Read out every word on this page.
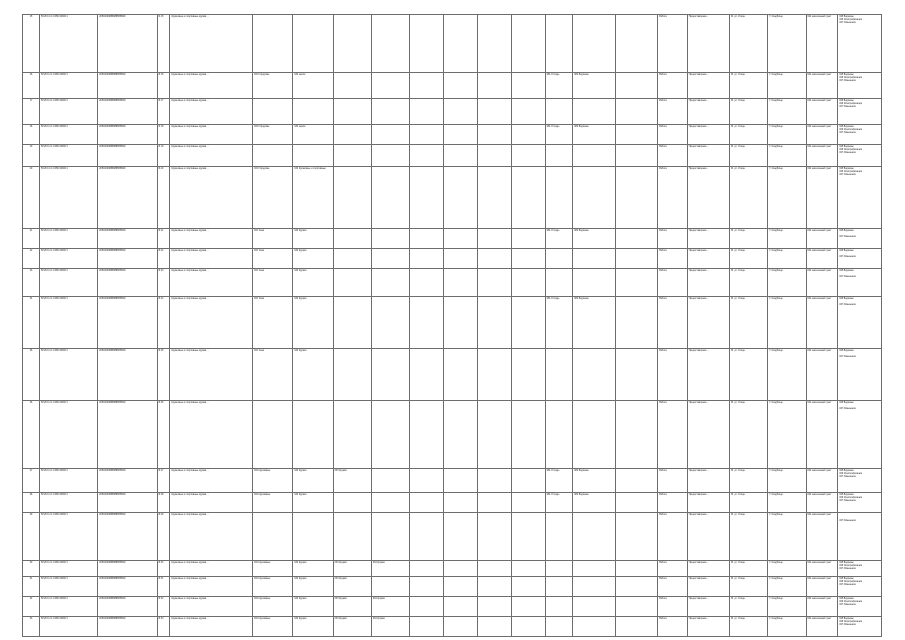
15	50:26:0.4 1:0:050 00000:1	2050103988888858583/9	Б.15	Кружковые и спортивные кружки,…												Работа	Предоставление…	М. ул. Улица.	Г. Кладбище.	024 населенный пункт	025 Водоемы
026 Электрофикация
027 Изменения
16	50:26:0.4 1:0:050 00000:1	2050103988888858583/9	Б.16	Кружковые и спортивные кружки,…	031 Городские	032 земли							081 Отходы	082 Водоемы		Работа	Предоставление…	М. ул. Улица.	Г. Кладбище.	024 населенный пункт	025 Водоемы
026 Электрофикация
027 Изменения
17	50:26:0.4 1:0:050 00000:1	2050103988888858583/9	Б.17	Кружковые и спортивные кружки,…												Работа	Предоставление…	М. ул. Улица.	Г. Кладбище.	024 населенный пункт	025 Водоемы
026 Электрофикация
027 Изменения
18	50:26:0.4 1:0:050 00000:1	2050103988888858583/9	Б.18	Кружковые и спортивные кружки,…	031 Городские	032 земли							081 Отходы	082 Водоемы		Работа	Предоставление…	М. ул. Улица.	Г. Кладбище.	024 населенный пункт	025 Водоемы
026 Электрофикация
027 Изменения
19	50:26:0.4 1:0:050 00000:1	2050103988888858583/9	Б.19	Кружковые и спортивные кружки,…												Работа	Предоставление…	М. ул. Улица.	Г. Кладбище.	024 населенный пункт	025 Водоемы
026 Электрофикация
027 Изменения
20	50:26:0.4 1:0:050 00000:1	2050103988888858583/9	Б.20	Кружковые и спортивные кружки,…	031 Городские	032 Кружковые и спортивные										Работа	Предоставление…	М. ул. Улица.	Г. Кладбище.	024 населенный пункт	025 Водоемы
026 Электрофикация
027 Изменения
21	50:26:0.4 1:0:050 00000:1	2050103988888858583/9	Б.21	Кружковые и спортивные кружки,…	031 Тема	032 Кружки							081 Отходы	082 Водоемы		Работа	Предоставление…	М. ул. Улица.	Г. Кладбище.	024 населенный пункт	025 Водоемы

027 Изменения
22	50:26:0.4 1:0:050 00000:1	2050103988888858583/9	Б.22	Кружковые и спортивные кружки,…	031 Тема	032 Кружки										Работа	Предоставление…	М. ул. Улица.	Г. Кладбище.	024 населенный пункт	025 Водоемы

027 Изменения
23	50:26:0.4 1:0:050 00000:1	2050103988888858583/9	Б.23	Кружковые и спортивные кружки,…	031 Тема	032 Кружки										Работа	Предоставление…	М. ул. Улица.	Г. Кладбище.	024 населенный пункт	025 Водоемы

027 Изменения
24	50:26:0.4 1:0:050 00000:1	2050103988888858583/9	Б.24	Кружковые и спортивные кружки,…	031 Тема	032 Кружки							081 Отходы	082 Водоемы		Работа	Предоставление…	М. ул. Улица.	Г. Кладбище.	024 населенный пункт	025 Водоемы

027 Изменения
25	50:26:0.4 1:0:050 00000:1	2050103988888858583/9	Б.25	Кружковые и спортивные кружки,…	031 Тема	032 Кружки										Работа	Предоставление…	М. ул. Улица.	Г. Кладбище.	024 населенный пункт	025 Водоемы

027 Изменения
26	50:26:0.4 1:0:050 00000:1	2050103988888858583/9	Б.26	Кружковые и спортивные кружки,…												Работа	Предоставление…	М. ул. Улица.	Г. Кладбище.	024 населенный пункт	025 Водоемы

027 Изменения
27	50:26:0.4 1:0:050 00000:1	2050103988888858583/9	Б.27	Кружковые и спортивные кружки,…	031 Кружковые	032 Кружки	033 Кружки						081 Отходы	082 Водоемы		Работа	Предоставление…	М. ул. Улица.	Г. Кладбище.	024 населенный пункт	025 Водоемы
026 Электрофикация
027 Изменения
28	50:26:0.4 1:0:050 00000:1	2050103988888858583/9	Б.28	Кружковые и спортивные кружки,…	031 Кружковые	032 Кружки							081 Отходы	082 Водоемы		Работа	Предоставление…	М. ул. Улица.	Г. Кладбище.	024 населенный пункт	025 Водоемы
026 Электрофикация
027 Изменения
29	50:26:0.4 1:0:050 00000:1	2050103988888858583/9	Б.29	Кружковые и спортивные кружки,…												Работа	Предоставление…	М. ул. Улица.	Г. Кладбище.	024 населенный пункт	027 Изменения
30	50:26:0.4 1:0:050 00000:1	2050103988888858583/9	Б.30	Кружковые и спортивные кружки,…	031 Кружковые	032 Кружки	033 Кружки	034 Кружки								Работа	Предоставление…	М. ул. Улица.	Г. Кладбище.	024 населенный пункт	025 Водоемы
026 Электрофикация
027 Изменения
31	50:26:0.4 1:0:050 00000:1	2050103988888858583/9	Б.31	Кружковые и спортивные кружки,…	031 Кружковые	032 Кружки	033 Кружки									Работа	Предоставление…	М. ул. Улица.	Г. Кладбище.	024 населенный пункт	025 Водоемы
026 Электрофикация
027 Изменения
32	50:26:0.4 1:0:050 00000:1	2050103988888858583/9	Б.32	Кружковые и спортивные кружки,…	031 Кружковые	032 Кружки	033 Кружки	034 Кружки								Работа	Предоставление…	М. ул. Улица.	Г. Кладбище.	024 населенный пункт	025 Водоемы
026 Электрофикация
027 Изменения
33	50:26:0.4 1:0:050 00000:1	2050103988888858583/9	Б.33	Кружковые и спортивные кружки,…	031 Кружковые	032 Кружки	033 Кружки	034 Кружки								Работа	Предоставление…	М. ул. Улица.	Г. Кладбище.	024 населенный пункт	025 Водоемы
026 Электрофикация
027 Изменения
